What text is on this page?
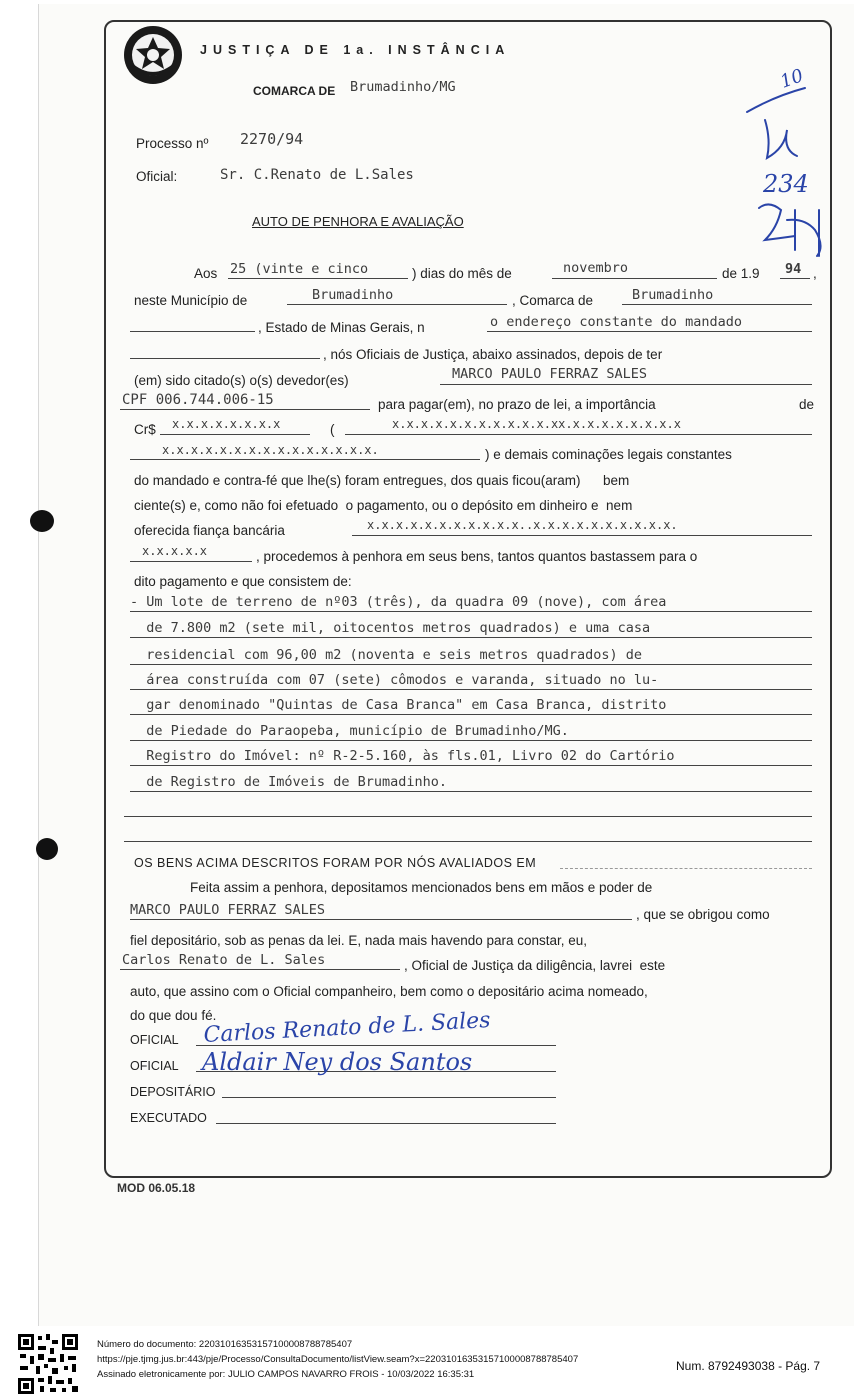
JUSTIÇA DE 1a. INSTÂNCIA
COMARCA DE Brumadinho/MG
Processo nº 2270/94
Oficial:	Sr. C.Renato de L.Sales
AUTO DE PENHORA E AVALIAÇÃO
10
234
Aos 25 (vinte e cinco	) dias do mês de	novembro	de 1.9 94 ,
neste Município de	Brumadinho	, Comarca de	Brumadinho
, Estado de Minas Gerais, n	o endereço constante do mandado
, nós Oficiais de Justiça, abaixo assinados, depois de ter
(em) sido citado(s) o(s) devedor(es)	MARCO PAULO FERRAZ SALES
CPF 006.744.006-15	para pagar(em), no prazo de lei, a importância	de
Cr$ x.x.x.x.x.x.x.x	(	x.x.x.x.x.x.x.x.x.x.x.xx.x.x.x.x.x.x.x.x
x.x.x.x.x.x.x.x.x.x.x.x.x.x.x.	) e demais cominações legais constantes
do mandado e contra-fé que lhe(s) foram entregues, dos quais ficou(aram)      bem
ciente(s) e, como não foi efetuado  o pagamento, ou o depósito em dinheiro e  nem
oferecida fiança bancária	x.x.x.x.x.x.x.x.x.x.x..x.x.x.x.x.x.x.x.x.x.
x.x.x.x.x	, procedemos à penhora em seus bens, tantos quantos bastassem para o
dito pagamento e que consistem de:
- Um lote de terreno de nº03 (três), da quadra 09 (nove), com área
de 7.800 m2 (sete mil, oitocentos metros quadrados) e uma casa
residencial com 96,00 m2 (noventa e seis metros quadrados) de
área construída com 07 (sete) cômodos e varanda, situado no lu-
gar denominado "Quintas de Casa Branca" em Casa Branca, distrito
de Piedade do Paraopeba, município de Brumadinho/MG.
Registro do Imóvel: nº R-2-5.160, às fls.01, Livro 02 do Cartório
de Registro de Imóveis de Brumadinho.
OS BENS ACIMA DESCRITOS FORAM POR NÓS AVALIADOS EM
Feita assim a penhora, depositamos mencionados bens em mãos e poder de
MARCO PAULO FERRAZ SALES	, que se obrigou como
fiel depositário, sob as penas da lei. E, nada mais havendo para constar, eu,
Carlos Renato de L. Sales	, Oficial de Justiça da diligência, lavrei  este
auto, que assino com o Oficial companheiro, bem como o depositário acima nomeado,
do que dou fé.
OFICIAL Carlos Renato de L. Sales
OFICIAL Aldair Ney dos Santos
DEPOSITÁRIO
EXECUTADO
MOD 06.05.18
Número do documento: 22031016353157100008788785407
https://pje.tjmg.jus.br:443/pje/Processo/ConsultaDocumento/listView.seam?x=22031016353157100008788785407
Assinado eletronicamente por: JULIO CAMPOS NAVARRO FROIS - 10/03/2022 16:35:31
Num. 8792493038 - Pág. 7
